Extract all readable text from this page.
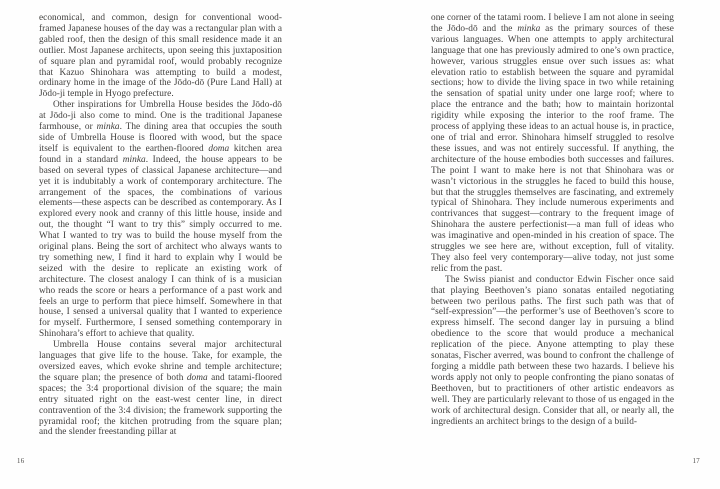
economical, and common, design for conventional wood-framed Japanese houses of the day was a rectangular plan with a gabled roof, then the design of this small residence made it an outlier. Most Japanese architects, upon seeing this juxtaposition of square plan and pyramidal roof, would probably recognize that Kazuo Shinohara was attempting to build a modest, ordinary home in the image of the Jōdo-dō (Pure Land Hall) at Jōdo-ji temple in Hyogo prefecture.

Other inspirations for Umbrella House besides the Jōdo-dō at Jōdo-ji also come to mind. One is the traditional Japanese farmhouse, or minka. The dining area that occupies the south side of Umbrella House is floored with wood, but the space itself is equivalent to the earthen-floored doma kitchen area found in a standard minka. Indeed, the house appears to be based on several types of classical Japanese architecture—and yet it is indubitably a work of contemporary architecture. The arrangement of the spaces, the combinations of various elements—these aspects can be described as contemporary. As I explored every nook and cranny of this little house, inside and out, the thought “I want to try this” simply occurred to me. What I wanted to try was to build the house myself from the original plans. Being the sort of architect who always wants to try something new, I find it hard to explain why I would be seized with the desire to replicate an existing work of architecture. The closest analogy I can think of is a musician who reads the score or hears a performance of a past work and feels an urge to perform that piece himself. Somewhere in that house, I sensed a universal quality that I wanted to experience for myself. Furthermore, I sensed something contemporary in Shinohara’s effort to achieve that quality.

Umbrella House contains several major architectural languages that give life to the house. Take, for example, the oversized eaves, which evoke shrine and temple architecture; the square plan; the presence of both doma and tatami-floored spaces; the 3:4 proportional division of the square; the main entry situated right on the east-west center line, in direct contravention of the 3:4 division; the framework supporting the pyramidal roof; the kitchen protruding from the square plan; and the slender freestanding pillar at

16

one corner of the tatami room. I believe I am not alone in seeing the Jōdo-dō and the minka as the primary sources of these various languages. When one attempts to apply architectural language that one has previously admired to one’s own practice, however, various struggles ensue over such issues as: what elevation ratio to establish between the square and pyramidal sections; how to divide the living space in two while retaining the sensation of spatial unity under one large roof; where to place the entrance and the bath; how to maintain horizontal rigidity while exposing the interior to the roof frame. The process of applying these ideas to an actual house is, in practice, one of trial and error. Shinohara himself struggled to resolve these issues, and was not entirely successful. If anything, the architecture of the house embodies both successes and failures. The point I want to make here is not that Shinohara was or wasn’t victorious in the struggles he faced to build this house, but that the struggles themselves are fascinating, and extremely typical of Shinohara. They include numerous experiments and contrivances that suggest—contrary to the frequent image of Shinohara the austere perfectionist—a man full of ideas who was imaginative and open-minded in his creation of space. The struggles we see here are, without exception, full of vitality. They also feel very contemporary—alive today, not just some relic from the past.

The Swiss pianist and conductor Edwin Fischer once said that playing Beethoven’s piano sonatas entailed negotiating between two perilous paths. The first such path was that of “self-expression”—the performer’s use of Beethoven’s score to express himself. The second danger lay in pursuing a blind obedience to the score that would produce a mechanical replication of the piece. Anyone attempting to play these sonatas, Fischer averred, was bound to confront the challenge of forging a middle path between these two hazards. I believe his words apply not only to people confronting the piano sonatas of Beethoven, but to practitioners of other artistic endeavors as well. They are particularly relevant to those of us engaged in the work of architectural design. Consider that all, or nearly all, the ingredients an architect brings to the design of a build-

17
